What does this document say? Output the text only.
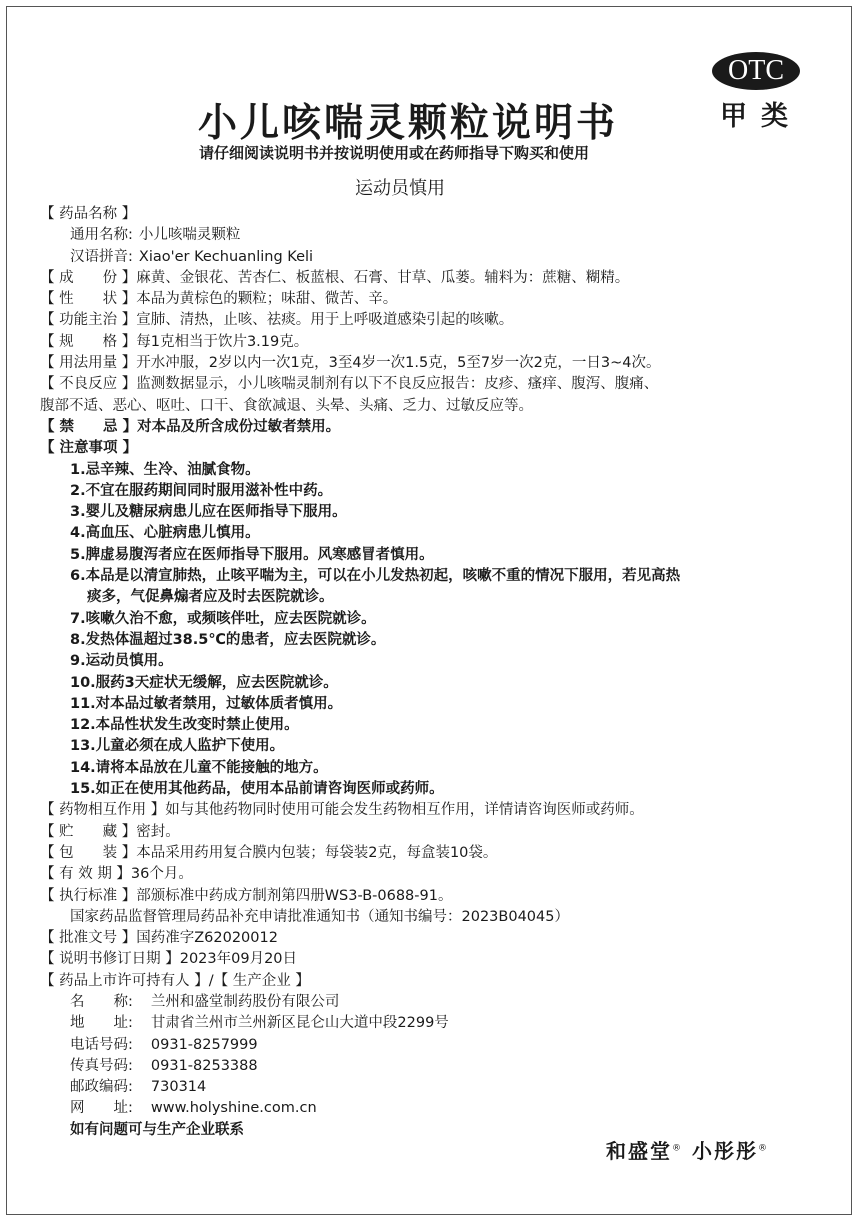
OTC
甲类
小儿咳喘灵颗粒说明书
请仔细阅读说明书并按说明使用或在药师指导下购买和使用
运动员慎用
【 药品名称 】
通用名称: 小儿咳喘灵颗粒
汉语拼音: Xiao'er Kechuanling Keli
【 成　　份 】麻黄、金银花、苦杏仁、板蓝根、石膏、甘草、瓜蒌。辅料为：蔗糖、糊精。
【 性　　状 】本品为黄棕色的颗粒；味甜、微苦、辛。
【 功能主治 】宣肺、清热，止咳、祛痰。用于上呼吸道感染引起的咳嗽。
【 规　　格 】每1克相当于饮片3.19克。
【 用法用量 】开水冲服，2岁以内一次1克，3至4岁一次1.5克，5至7岁一次2克，一日3~4次。
【 不良反应 】监测数据显示，小儿咳喘灵制剂有以下不良反应报告：皮疹、瘙痒、腹泻、腹痛、
腹部不适、恶心、呕吐、口干、食欲减退、头晕、头痛、乏力、过敏反应等。
【 禁　　忌 】对本品及所含成份过敏者禁用。
【 注意事项 】
1.忌辛辣、生冷、油腻食物。
2.不宜在服药期间同时服用滋补性中药。
3.婴儿及糖尿病患儿应在医师指导下服用。
4.高血压、心脏病患儿慎用。
5.脾虚易腹泻者应在医师指导下服用。风寒感冒者慎用。
6.本品是以清宣肺热，止咳平喘为主，可以在小儿发热初起，咳嗽不重的情况下服用，若见高热
痰多，气促鼻煽者应及时去医院就诊。
7.咳嗽久治不愈，或频咳伴吐，应去医院就诊。
8.发热体温超过38.5℃的患者，应去医院就诊。
9.运动员慎用。
10.服药3天症状无缓解，应去医院就诊。
11.对本品过敏者禁用，过敏体质者慎用。
12.本品性状发生改变时禁止使用。
13.儿童必须在成人监护下使用。
14.请将本品放在儿童不能接触的地方。
15.如正在使用其他药品，使用本品前请咨询医师或药师。
【 药物相互作用 】如与其他药物同时使用可能会发生药物相互作用，详情请咨询医师或药师。
【 贮　　藏 】密封。
【 包　　装 】本品采用药用复合膜内包装；每袋装2克，每盒装10袋。
【 有 效 期 】36个月。
【 执行标准 】部颁标准中药成方制剂第四册WS3-B-0688-91。
国家药品监督管理局药品补充申请批准通知书（通知书编号：2023B04045）
【 批准文号 】国药准字Z62020012
【 说明书修订日期 】2023年09月20日
【 药品上市许可持有人 】/【 生产企业 】
名　　称: 兰州和盛堂制药股份有限公司
地　　址: 甘肃省兰州市兰州新区昆仑山大道中段2299号
电话号码: 0931-8257999
传真号码: 0931-8253388
邮政编码: 730314
网　　址: www.holyshine.com.cn
如有问题可与生产企业联系
和盛堂® 小彤彤®
